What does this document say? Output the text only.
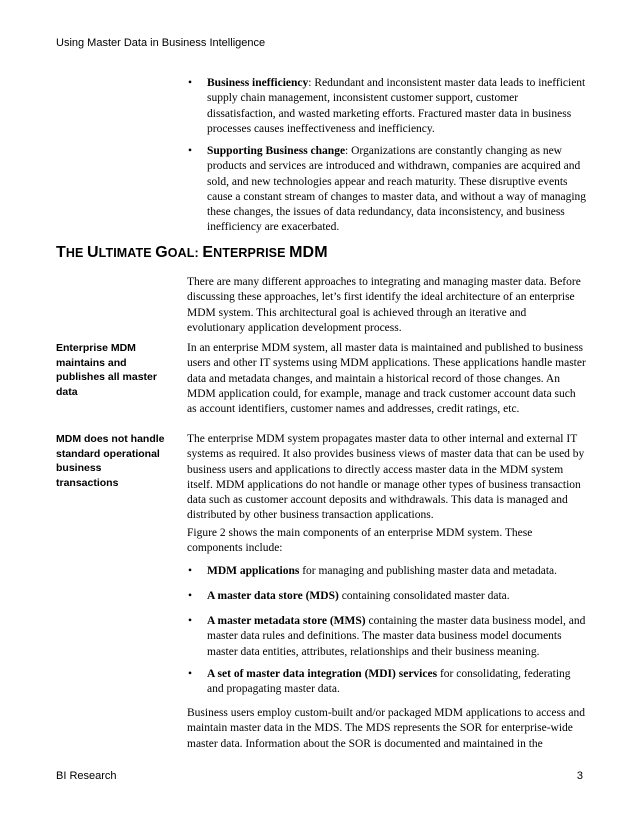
Using Master Data in Business Intelligence
• Business inefficiency: Redundant and inconsistent master data leads to inefficient supply chain management, inconsistent customer support, customer dissatisfaction, and wasted marketing efforts. Fractured master data in business processes causes ineffectiveness and inefficiency.
• Supporting Business change: Organizations are constantly changing as new products and services are introduced and withdrawn, companies are acquired and sold, and new technologies appear and reach maturity. These disruptive events cause a constant stream of changes to master data, and without a way of managing these changes, the issues of data redundancy, data inconsistency, and business inefficiency are exacerbated.
THE ULTIMATE GOAL: ENTERPRISE MDM

There are many different approaches to integrating and managing master data. Before discussing these approaches, let’s first identify the ideal architecture of an enterprise MDM system. This architectural goal is achieved through an iterative and evolutionary application development process.

Enterprise MDM maintains and publishes all master data

In an enterprise MDM system, all master data is maintained and published to business users and other IT systems using MDM applications. These applications handle master data and metadata changes, and maintain a historical record of those changes. An MDM application could, for example, manage and track customer account data such as account identifiers, customer names and addresses, credit ratings, etc.

MDM does not handle standard operational business transactions

The enterprise MDM system propagates master data to other internal and external IT systems as required. It also provides business views of master data that can be used by business users and applications to directly access master data in the MDM system itself. MDM applications do not handle or manage other types of business transaction data such as customer account deposits and withdrawals. This data is managed and distributed by other business transaction applications.

Figure 2 shows the main components of an enterprise MDM system. These components include:

• MDM applications for managing and publishing master data and metadata.
• A master data store (MDS) containing consolidated master data.
• A master metadata store (MMS) containing the master data business model, and master data rules and definitions. The master data business model documents master data entities, attributes, relationships and their business meaning.
• A set of master data integration (MDI) services for consolidating, federating and propagating master data.

Business users employ custom-built and/or packaged MDM applications to access and maintain master data in the MDS. The MDS represents the SOR for enterprise-wide master data. Information about the SOR is documented and maintained in the

BI Research	3
